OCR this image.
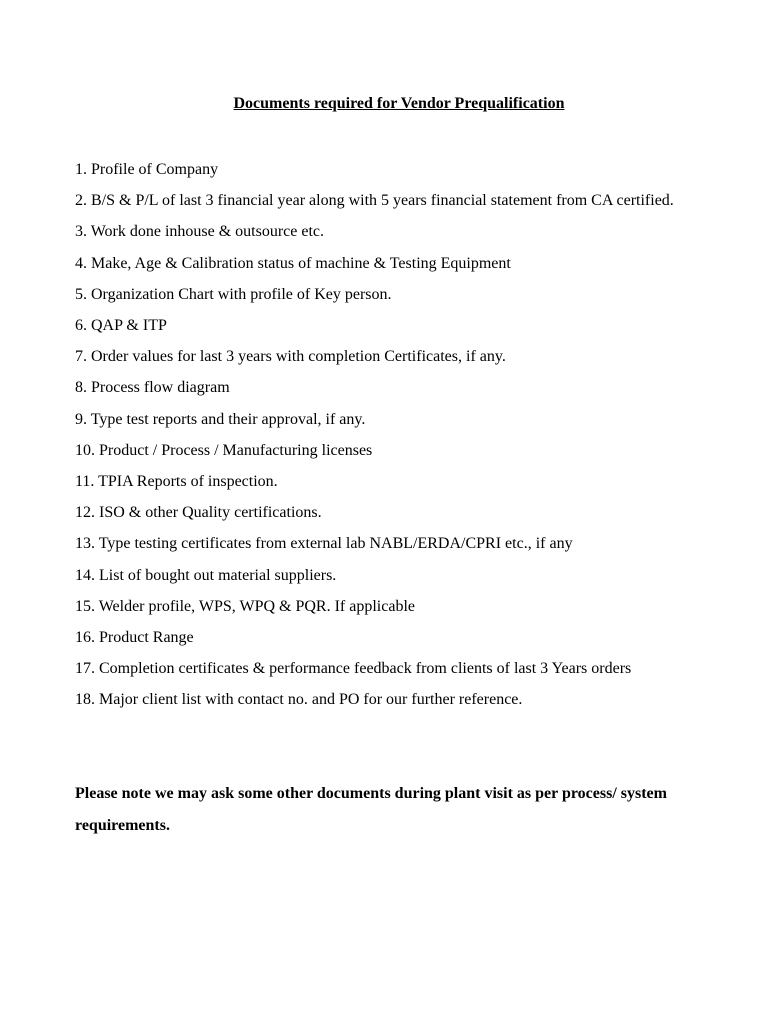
Documents required for Vendor Prequalification
1. Profile of Company
2. B/S & P/L of last 3 financial year along with 5 years financial statement from CA certified.
3. Work done inhouse & outsource etc.
4. Make, Age & Calibration status of machine & Testing Equipment
5. Organization Chart with profile of Key person.
6. QAP & ITP
7. Order values for last 3 years with completion Certificates, if any.
8. Process flow diagram
9. Type test reports and their approval, if any.
10. Product / Process / Manufacturing licenses
11. TPIA Reports of inspection.
12. ISO & other Quality certifications.
13. Type testing certificates from external lab NABL/ERDA/CPRI etc., if any
14. List of bought out material suppliers.
15. Welder profile, WPS, WPQ & PQR. If applicable
16. Product Range
17. Completion certificates & performance feedback from clients of last 3 Years orders
18. Major client list with contact no. and PO for our further reference.

Please note we may ask some other documents during plant visit as per process/ system requirements.
